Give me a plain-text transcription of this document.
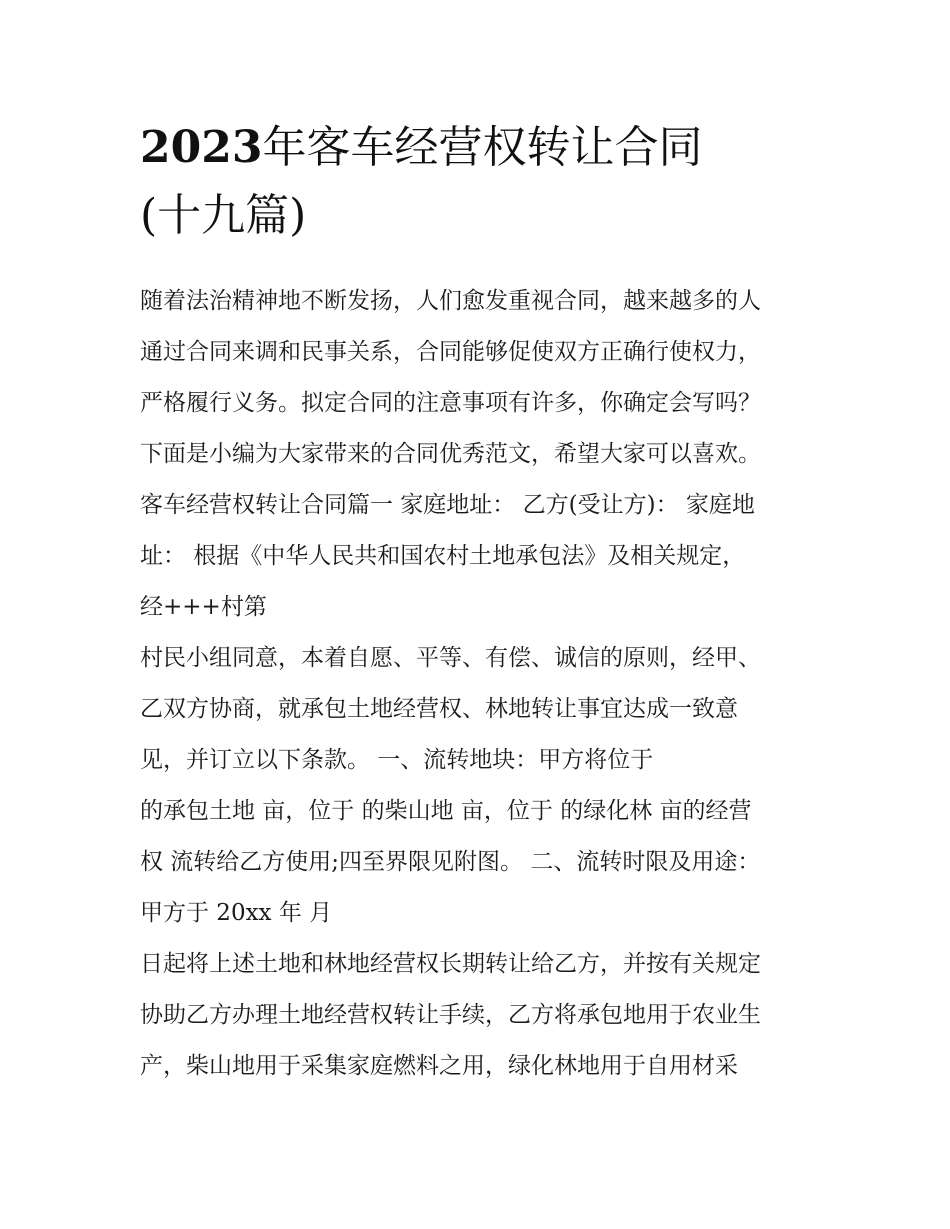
2023年客车经营权转让合同
(十九篇)
随着法治精神地不断发扬，人们愈发重视合同，越来越多的人
通过合同来调和民事关系，合同能够促使双方正确行使权力，
严格履行义务。拟定合同的注意事项有许多，你确定会写吗？
下面是小编为大家带来的合同优秀范文，希望大家可以喜欢。
客车经营权转让合同篇一 家庭地址： 乙方(受让方)： 家庭地
址： 根据《中华人民共和国农村土地承包法》及相关规定，
经+++村第
村民小组同意，本着自愿、平等、有偿、诚信的原则，经甲、
乙双方协商，就承包土地经营权、林地转让事宜达成一致意
见，并订立以下条款。 一、流转地块：甲方将位于
的承包土地 亩，位于 的柴山地 亩，位于 的绿化林 亩的经营
权 流转给乙方使用;四至界限见附图。 二、流转时限及用途：
甲方于 20xx 年 月
日起将上述土地和林地经营权长期转让给乙方，并按有关规定
协助乙方办理土地经营权转让手续，乙方将承包地用于农业生
产，柴山地用于采集家庭燃料之用，绿化林地用于自用材采
